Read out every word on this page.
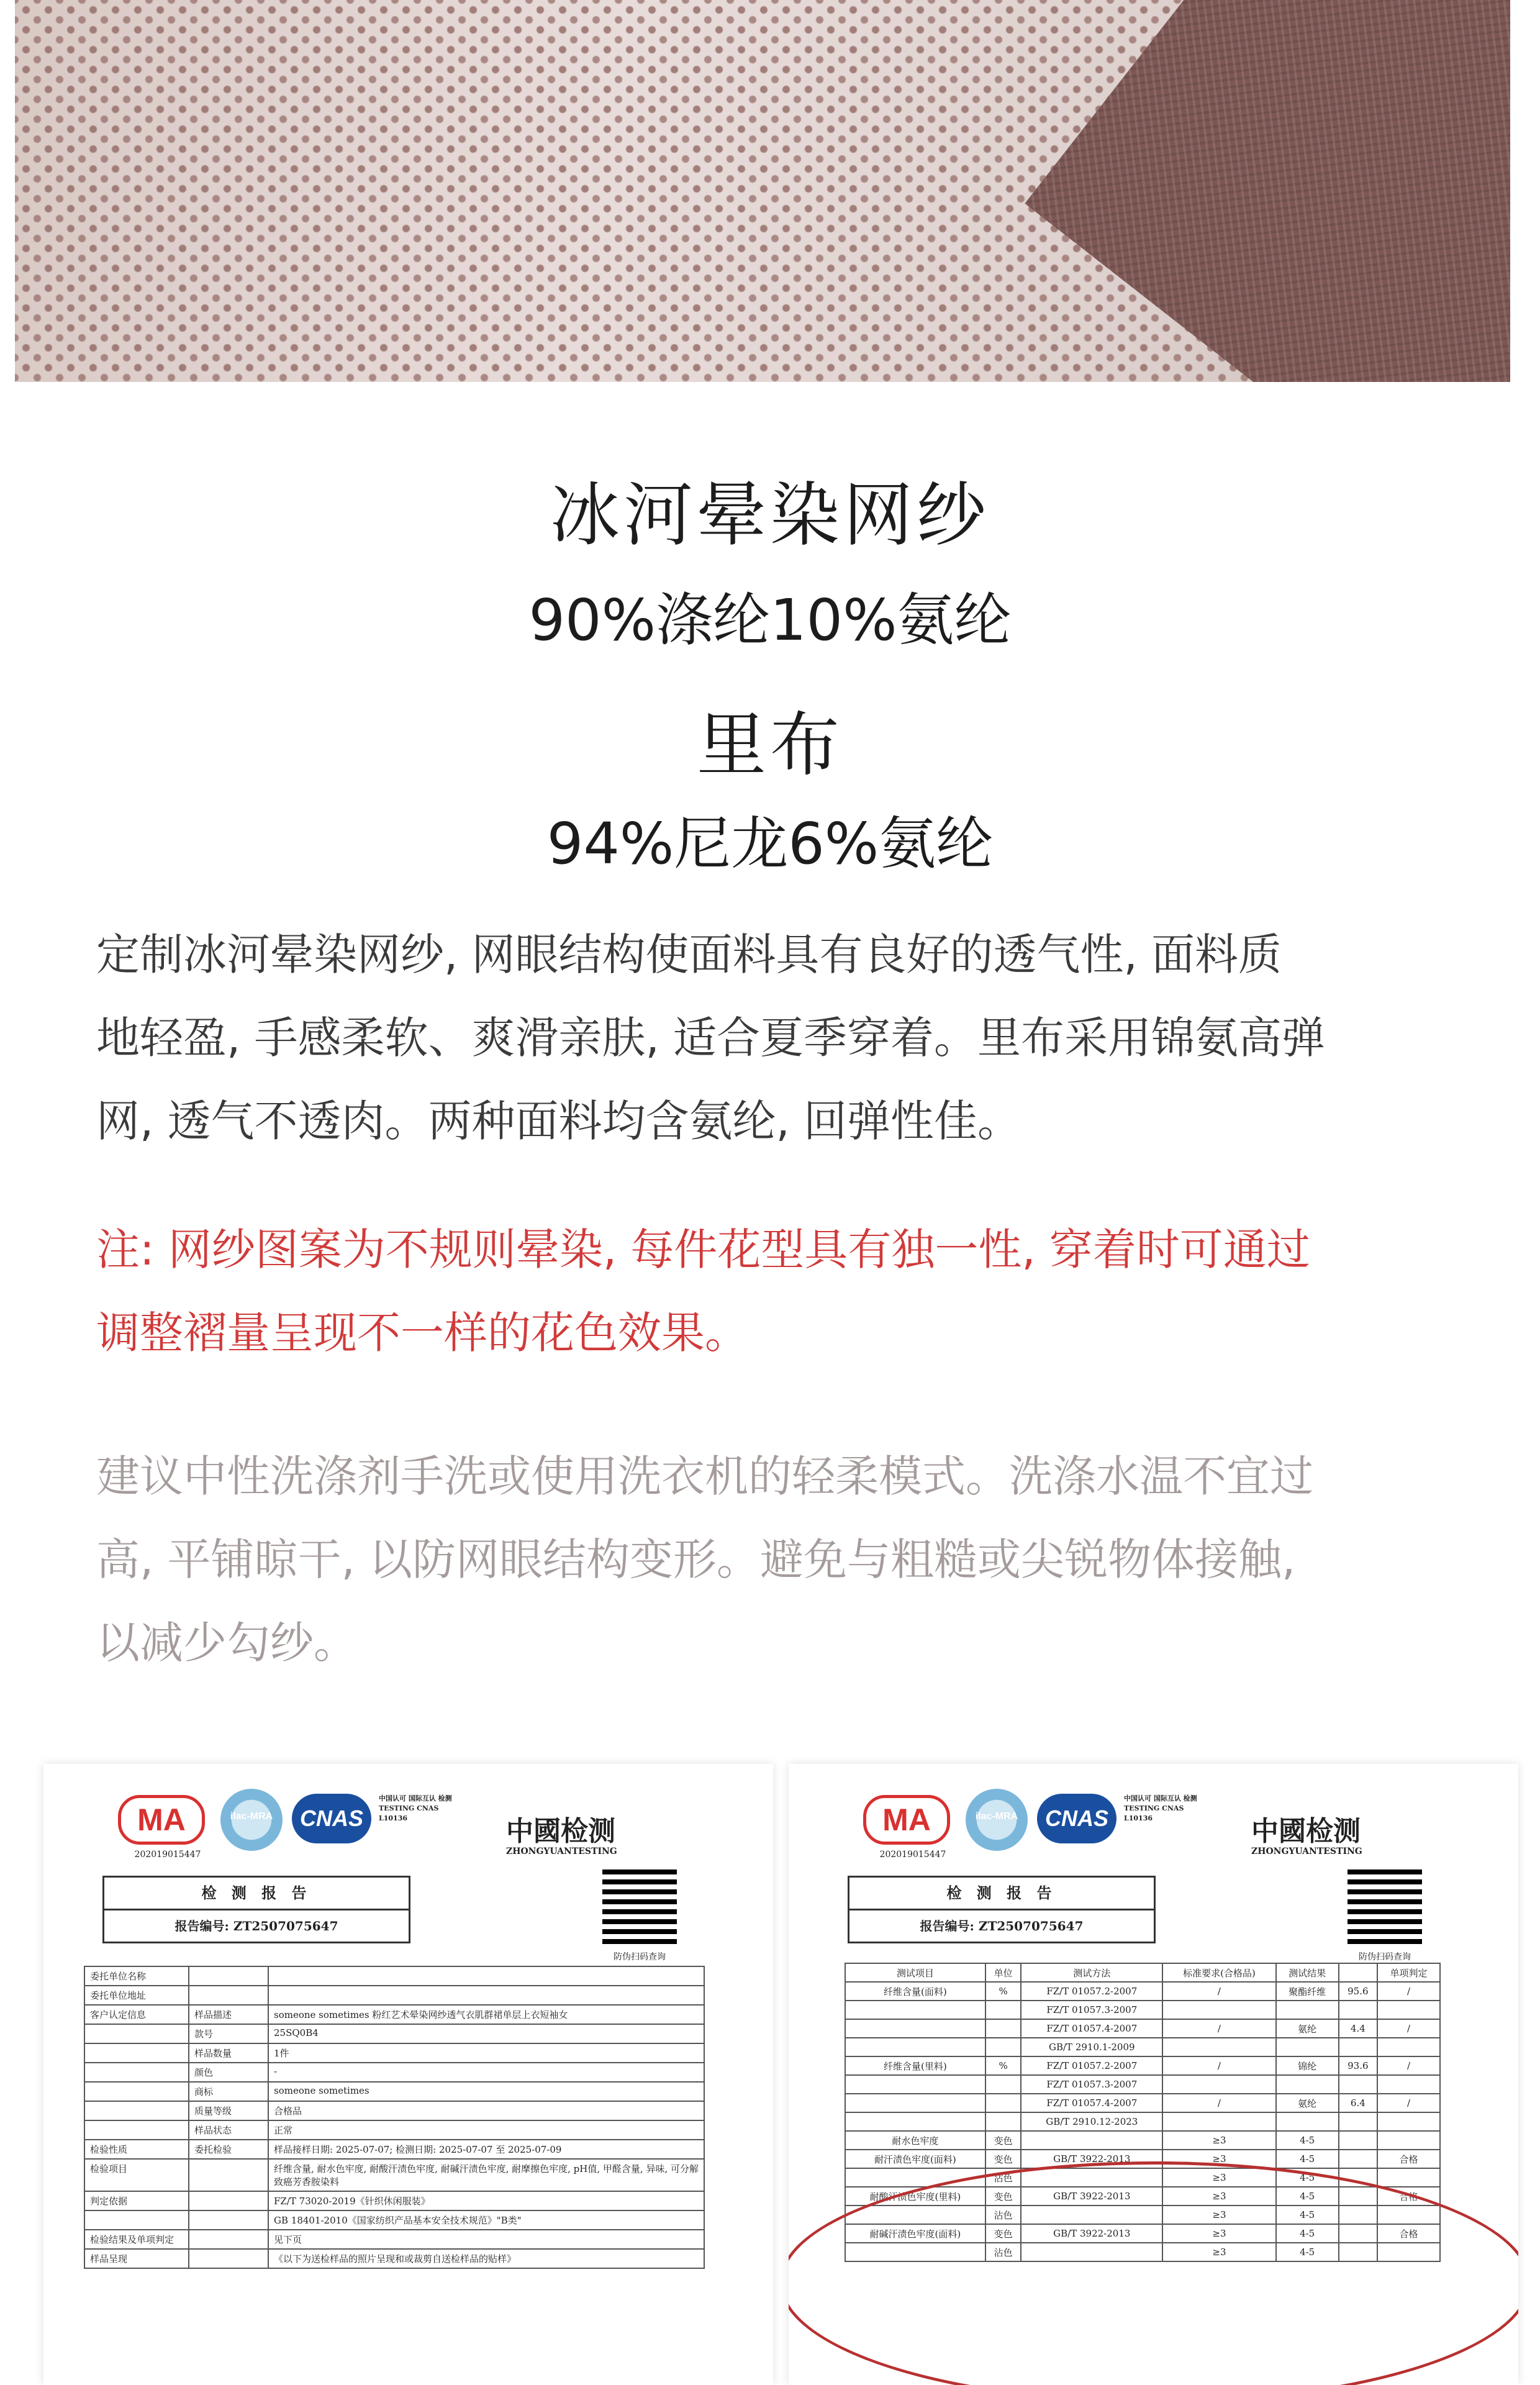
冰河晕染网纱
90%涤纶10%氨纶
里布
94%尼龙6%氨纶
定制冰河晕染网纱, 网眼结构使面料具有良好的透气性, 面料质
地轻盈, 手感柔软、爽滑亲肤, 适合夏季穿着。里布采用锦氨高弹
网, 透气不透肉。两种面料均含氨纶, 回弹性佳。
注: 网纱图案为不规则晕染, 每件花型具有独一性, 穿着时可通过
调整褶量呈现不一样的花色效果。
建议中性洗涤剂手洗或使用洗衣机的轻柔模式。洗涤水温不宜过
高, 平铺晾干, 以防网眼结构变形。避免与粗糙或尖锐物体接触,
以减少勾纱。
MA
202019015447
ilac-MRA	CNAS
中国认可 国际互认 检测 TESTING CNAS L10136	中國检测
ZHONGYUANTESTING
防伪扫码查询
检 测 报 告
报告编号: ZT2507075647
委托单位名称		
委托单位地址		
客户认定信息	样品描述	someone sometimes 粉红艺术晕染网纱透气衣肌群裙单层上衣短袖女
	款号	25SQ0B4
	样品数量	1件
	颜色	-
	商标	someone sometimes
	质量等级	合格品
	样品状态	正常
检验性质	委托检验	样品接样日期: 2025-07-07; 检测日期: 2025-07-07 至 2025-07-09
检验项目		纤维含量, 耐水色牢度, 耐酸汗渍色牢度, 耐碱汗渍色牢度, 耐摩擦色牢度, pH值, 甲醛含量, 异味, 可分解致癌芳香胺染料
判定依据		FZ/T 73020-2019《针织休闲服装》
		GB 18401-2010《国家纺织产品基本安全技术规范》"B类"
检验结果及单项判定		见下页
样品呈现		《以下为送检样品的照片呈现和或裁剪自送检样品的贴样》
MA
202019015447
ilac-MRA	CNAS
中国认可 国际互认 检测 TESTING CNAS L10136	中國检测
ZHONGYUANTESTING
防伪扫码查询
检 测 报 告
报告编号: ZT2507075647
测试项目	单位	测试方法	标准要求(合格品)	测试结果		单项判定
纤维含量(面料)	%	FZ/T 01057.2-2007	/	聚酯纤维	95.6	/
		FZ/T 01057.3-2007				
		FZ/T 01057.4-2007	/	氨纶	4.4	/
		GB/T 2910.1-2009				
纤维含量(里料)	%	FZ/T 01057.2-2007	/	锦纶	93.6	/
		FZ/T 01057.3-2007				
		FZ/T 01057.4-2007	/	氨纶	6.4	/
		GB/T 2910.12-2023				
耐水色牢度	变色		≥3	4-5		
耐汗渍色牢度(面料)	变色	GB/T 3922-2013	≥3	4-5		合格
	沾色		≥3	4-5		
耐酸汗渍色牢度(里料)	变色	GB/T 3922-2013	≥3	4-5		合格
	沾色		≥3	4-5		
耐碱汗渍色牢度(面料)	变色	GB/T 3922-2013	≥3	4-5		合格
	沾色		≥3	4-5		
